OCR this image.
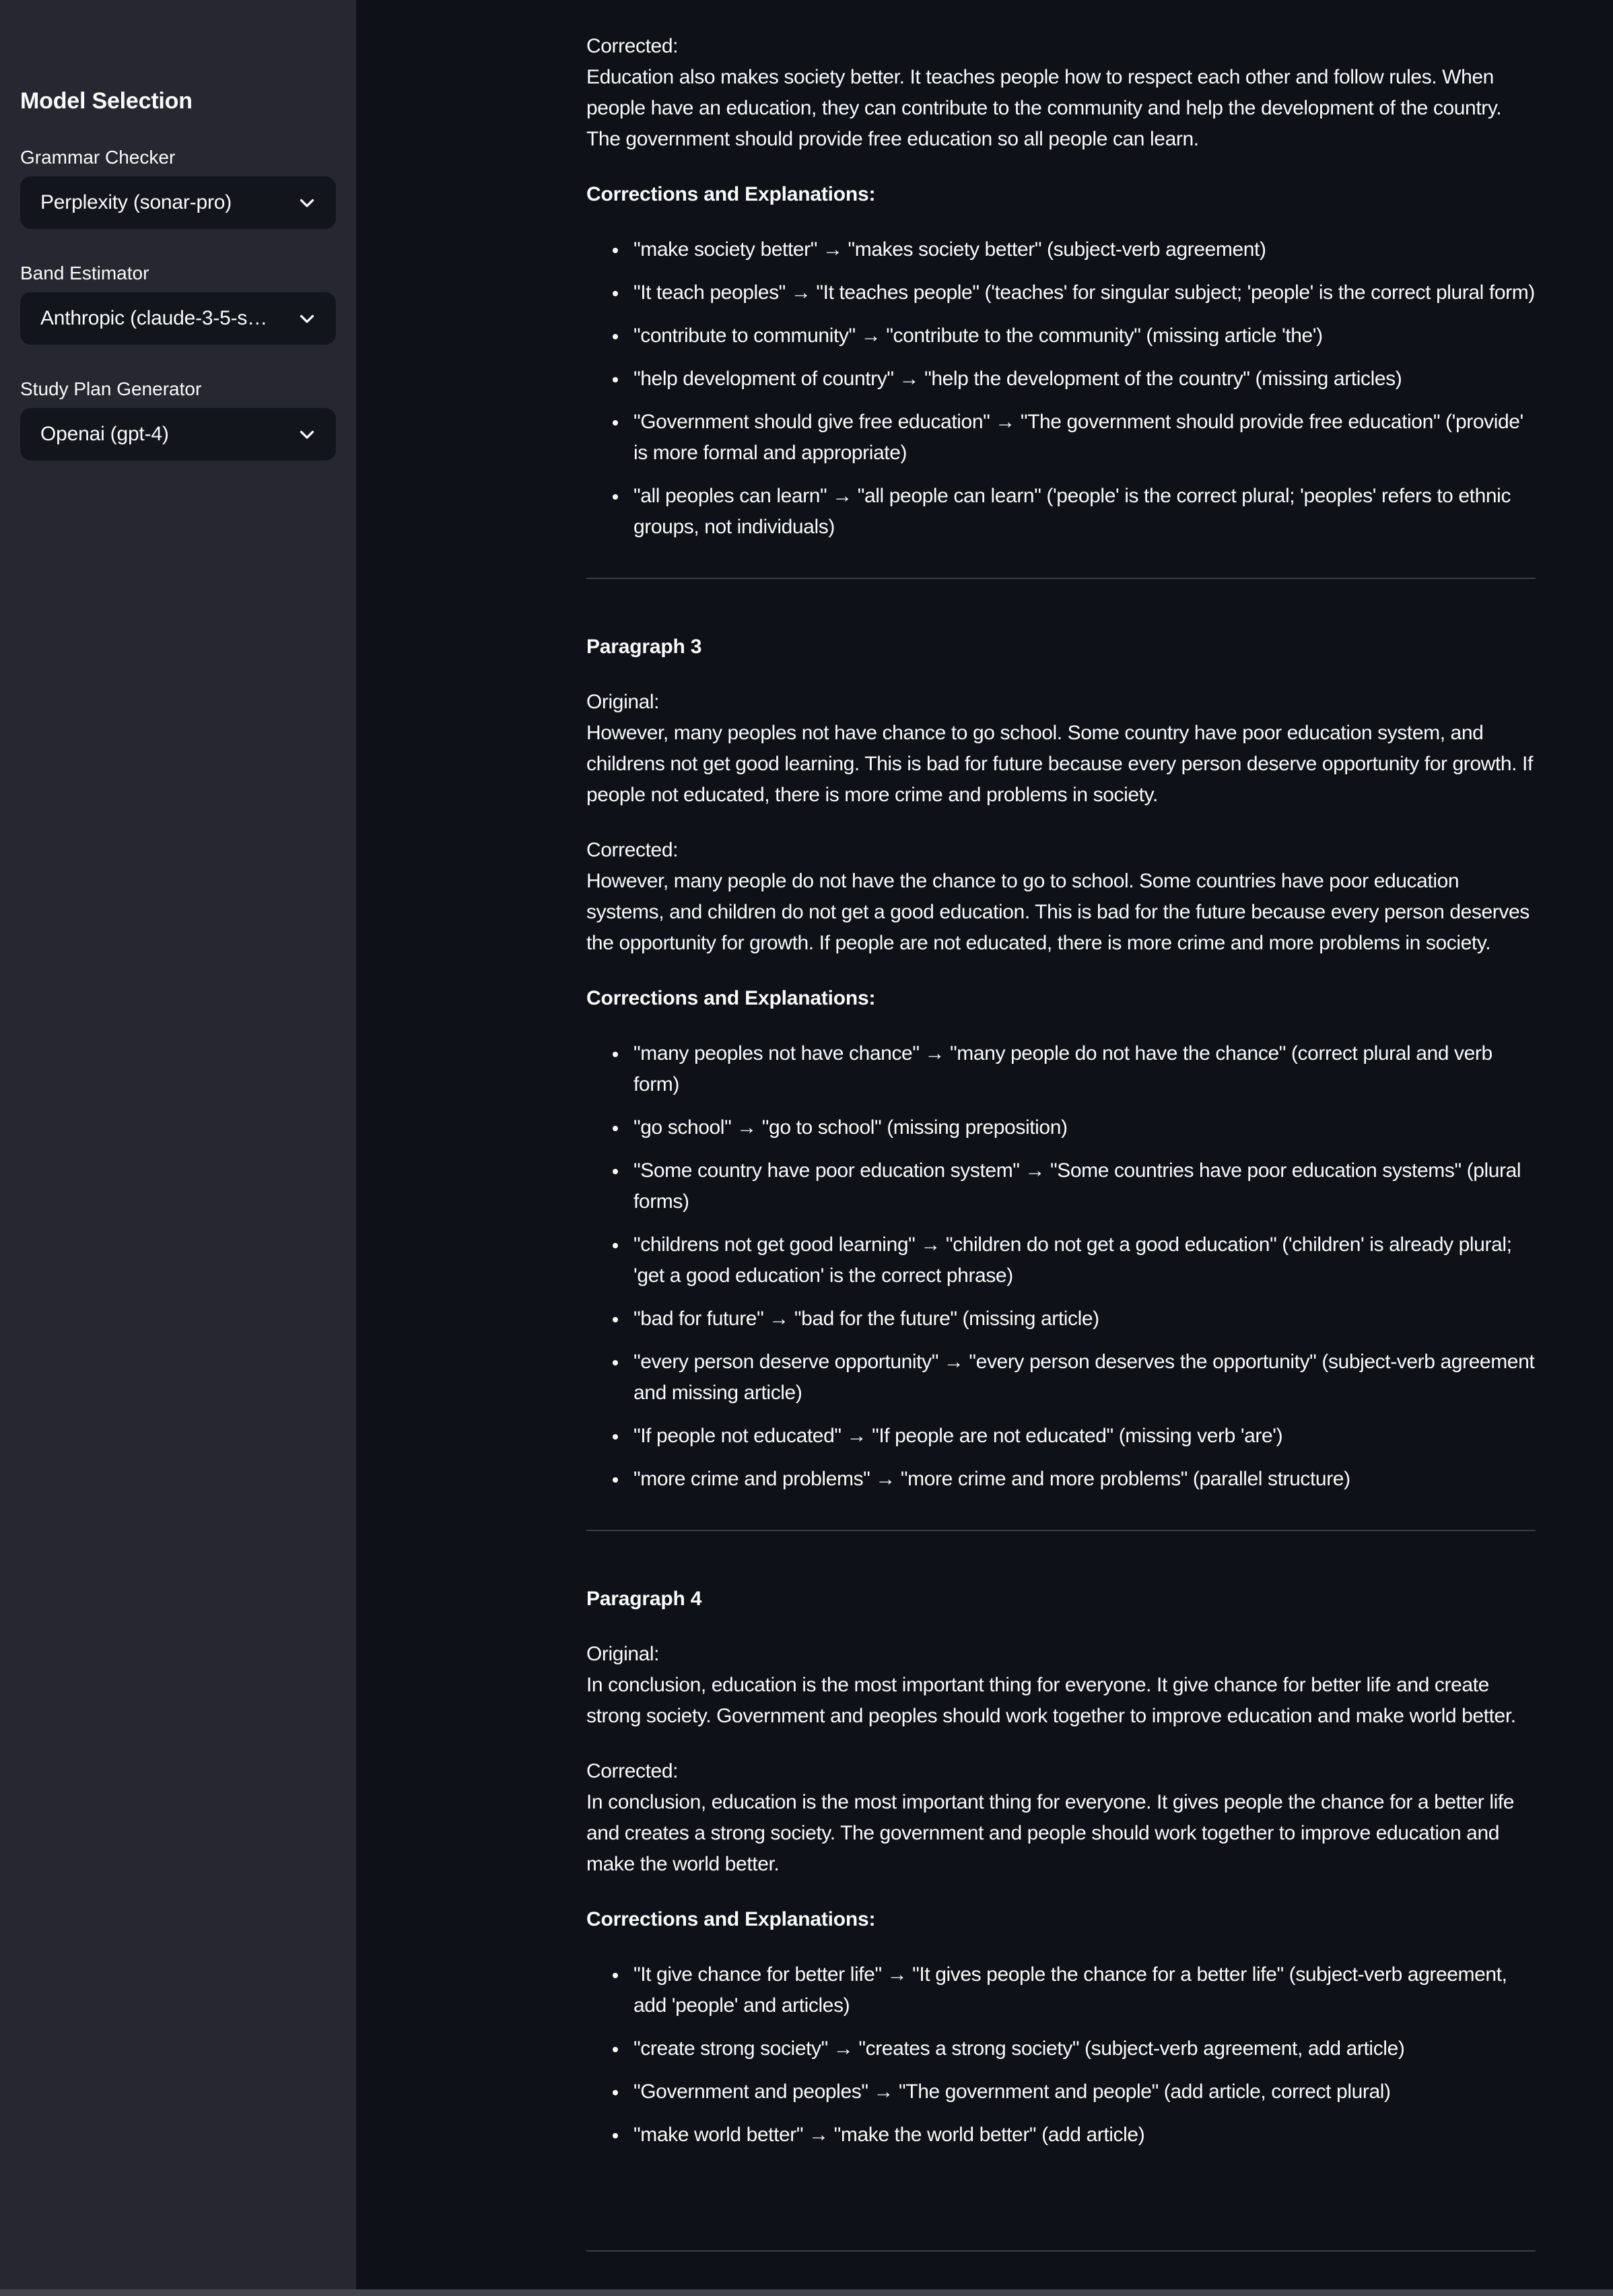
Model Selection
Grammar Checker
Perplexity (sonar-pro)
Band Estimator
Anthropic (claude-3-5-s…
Study Plan Generator
Openai (gpt-4)

Corrected:
Education also makes society better. It teaches people how to respect each other and follow rules. When people have an education, they can contribute to the community and help the development of the country. The government should provide free education so all people can learn.

Corrections and Explanations:

• "make society better" → "makes society better" (subject-verb agreement)
• "It teach peoples" → "It teaches people" ('teaches' for singular subject; 'people' is the correct plural form)
• "contribute to community" → "contribute to the community" (missing article 'the')
• "help development of country" → "help the development of the country" (missing articles)
• "Government should give free education" → "The government should provide free education" ('provide' is more formal and appropriate)
• "all peoples can learn" → "all people can learn" ('people' is the correct plural; 'peoples' refers to ethnic groups, not individuals)

Paragraph 3

Original:
However, many peoples not have chance to go school. Some country have poor education system, and childrens not get good learning. This is bad for future because every person deserve opportunity for growth. If people not educated, there is more crime and problems in society.

Corrected:
However, many people do not have the chance to go to school. Some countries have poor education systems, and children do not get a good education. This is bad for the future because every person deserves the opportunity for growth. If people are not educated, there is more crime and more problems in society.

Corrections and Explanations:

• "many peoples not have chance" → "many people do not have the chance" (correct plural and verb form)
• "go school" → "go to school" (missing preposition)
• "Some country have poor education system" → "Some countries have poor education systems" (plural forms)
• "childrens not get good learning" → "children do not get a good education" ('children' is already plural; 'get a good education' is the correct phrase)
• "bad for future" → "bad for the future" (missing article)
• "every person deserve opportunity" → "every person deserves the opportunity" (subject-verb agreement and missing article)
• "If people not educated" → "If people are not educated" (missing verb 'are')
• "more crime and problems" → "more crime and more problems" (parallel structure)

Paragraph 4

Original:
In conclusion, education is the most important thing for everyone. It give chance for better life and create strong society. Government and peoples should work together to improve education and make world better.

Corrected:
In conclusion, education is the most important thing for everyone. It gives people the chance for a better life and creates a strong society. The government and people should work together to improve education and make the world better.

Corrections and Explanations:

• "It give chance for better life" → "It gives people the chance for a better life" (subject-verb agreement, add 'people' and articles)
• "create strong society" → "creates a strong society" (subject-verb agreement, add article)
• "Government and peoples" → "The government and people" (add article, correct plural)
• "make world better" → "make the world better" (add article)
